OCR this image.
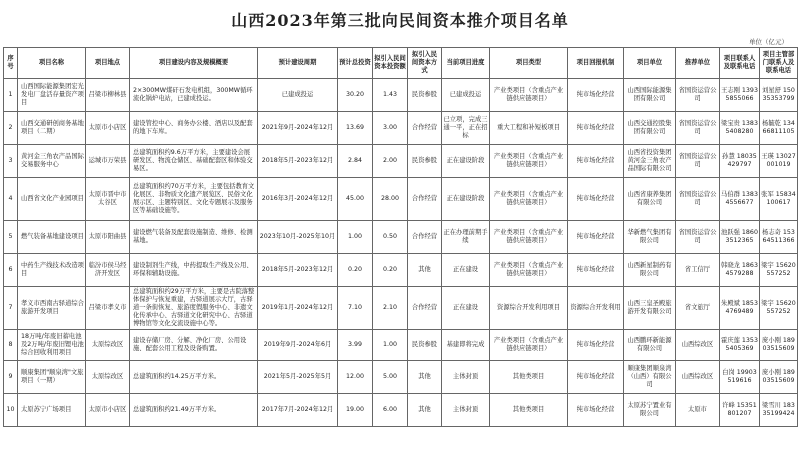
山西2023年第三批向民间资本推介项目名单
单位（亿元）
序号	项目名称	项目地点	项目建设内容及规模概要	预计建设周期	预计总投资	拟引入民间资本投资额	拟引入民间资本方式	当前项目进度	项目类型	项目回报机制	项目单位	推荐单位	项目联系人及联系电话	项目主管部门联系人及联系电话
1	山西国际能源集团宏光发电厂盘活存量资产项目	吕梁市柳林县	2×300MW煤矸石发电机组，300MW循环流化锅炉电站，已建成投运。	已建成投运	30.20	1.43	民资参股	已建成投运	产业类项目（含重点产业链供应链项目）	纯市场化经营	山西国际能源集团有限公司	省国资运营公司	王志刚 13935855066	刘星舒 15035353799
2	山西交通研创商务基地项目（二期）	太原市小店区	建设管控中心、商务办公楼、酒店以及配套的地下车库。	2021年9月-2024年12月	13.69	3.00	合作经营	已立项，完成三通一平，正在招标	重大工程和补短板项目	纯市场化经营	山西交通控股集团有限公司	省国资运营公司	梁宝贵 13835408280	杨毓乾 13466811105
3	黄河金三角农产品国际交易服务中心	运城市万荣县	总建筑面积约9.6万平方米，主要建设会展研发区、物流仓储区、基础配套区和体验交易区。	2018年5月-2023年12月	2.84	2.00	民资参股	正在建设阶段	产业类项目（含重点产业链供应链项目）	纯市场化经营	山西省投资集团黄河金三角农产品国际有限公司	省国资运营公司	孙慧 18035429797	王瑛 13027001019
4	山西省文化产业园项目	太原市晋中市太谷区	总建筑面积约70万平方米，主要包括教育文化展区、非物质文化遗产展览区、民俗文化展示区、主题特别区、文化专题展示及服务区等基础设施等。	2016年3月-2024年12月	45.00	28.00	合作经营	正在建设阶段	产业类项目（含重点产业链供应链项目）	纯市场化经营	山西省康养集团有限公司	省国资运营公司	马伯群 13834556677	张军 15834100617
5	燃气装备基地建设项目	太原市阳曲县	建设燃气装备及配套设施制造、维修、检测基地。	2023年10月-2025年10月	1.00	0.50	合作经营	正在办理前期手续	产业类项目（含重点产业链供应链项目）	纯市场化经营	华新燃气集团有限公司	省国资运营公司	池跃强 18603512365	杨志奇 15364511366
6	中药生产线技术改造项目	临汾市侯马经济开发区	建设制剂生产线，中药提取生产线及公用、环保和辅助设施。	2018年5月-2023年12月	0.20	0.20	其他	正在建设	产业类项目（含重点产业链供应链项目）	纯市场化经营	山西新星制药有限公司	省工信厅	韩晓龙 18634579288	梁宇 15620557252
7	孝义市西南古驿道综合旅游开发项目	吕梁市孝义市	总建筑面积约29万平方米，主要是古院落整体保护与恢复重建，古驿道展示大厅，古驿道一条街恢复、旅游度假服务中心、非遗文化传承中心、古驿道文化研究中心、古驿道博物馆等文化交流设施中心等。	2019年1月-2024年12月	7.10	2.10	合作经营	正在建设	资源综合开发利用项目	资源综合开发利用	山西三皇圣殿旅游开发有限公司	省文旅厅	朱殿斌 18534769489	梁宇 15620557252
8	18万吨/年废旧蓄电池及2万吨/年废旧锂电池综合回收利用项目	太原综改区	建设存储厂房、分解、净化厂房、公用设施、配套公用工程及设备购置。	2019年9月-2024年6月	3.99	1.00	民资参股	基建即将完成	产业类项目（含重点产业链供应链项目）	纯市场化经营	山西鹏环新能源有限公司	山西综改区	霍庆莲 13535405369	庞小刚 18903515609
9	顺康集团"顺泉湾"文旅项目（一期）	太原综改区	总建筑面积约14.25万平方米。	2021年5月-2025年5月	12.00	5.00	其他	主体封顶	其他类项目	纯市场化经营	顺康集团顺泉湾（山西）有限公司	山西综改区	白岗 19903519616	庞小刚 18903515609
10	太原苏宁广场项目	太原市小店区	总建筑面积约21.49万平方米。	2017年7月-2024年12月	19.00	6.00	其他	主体封顶	其他类项目	纯市场化经营	太原苏宁置业有限公司	太原市	许峰 15351801207	梁雪川 18335199424
